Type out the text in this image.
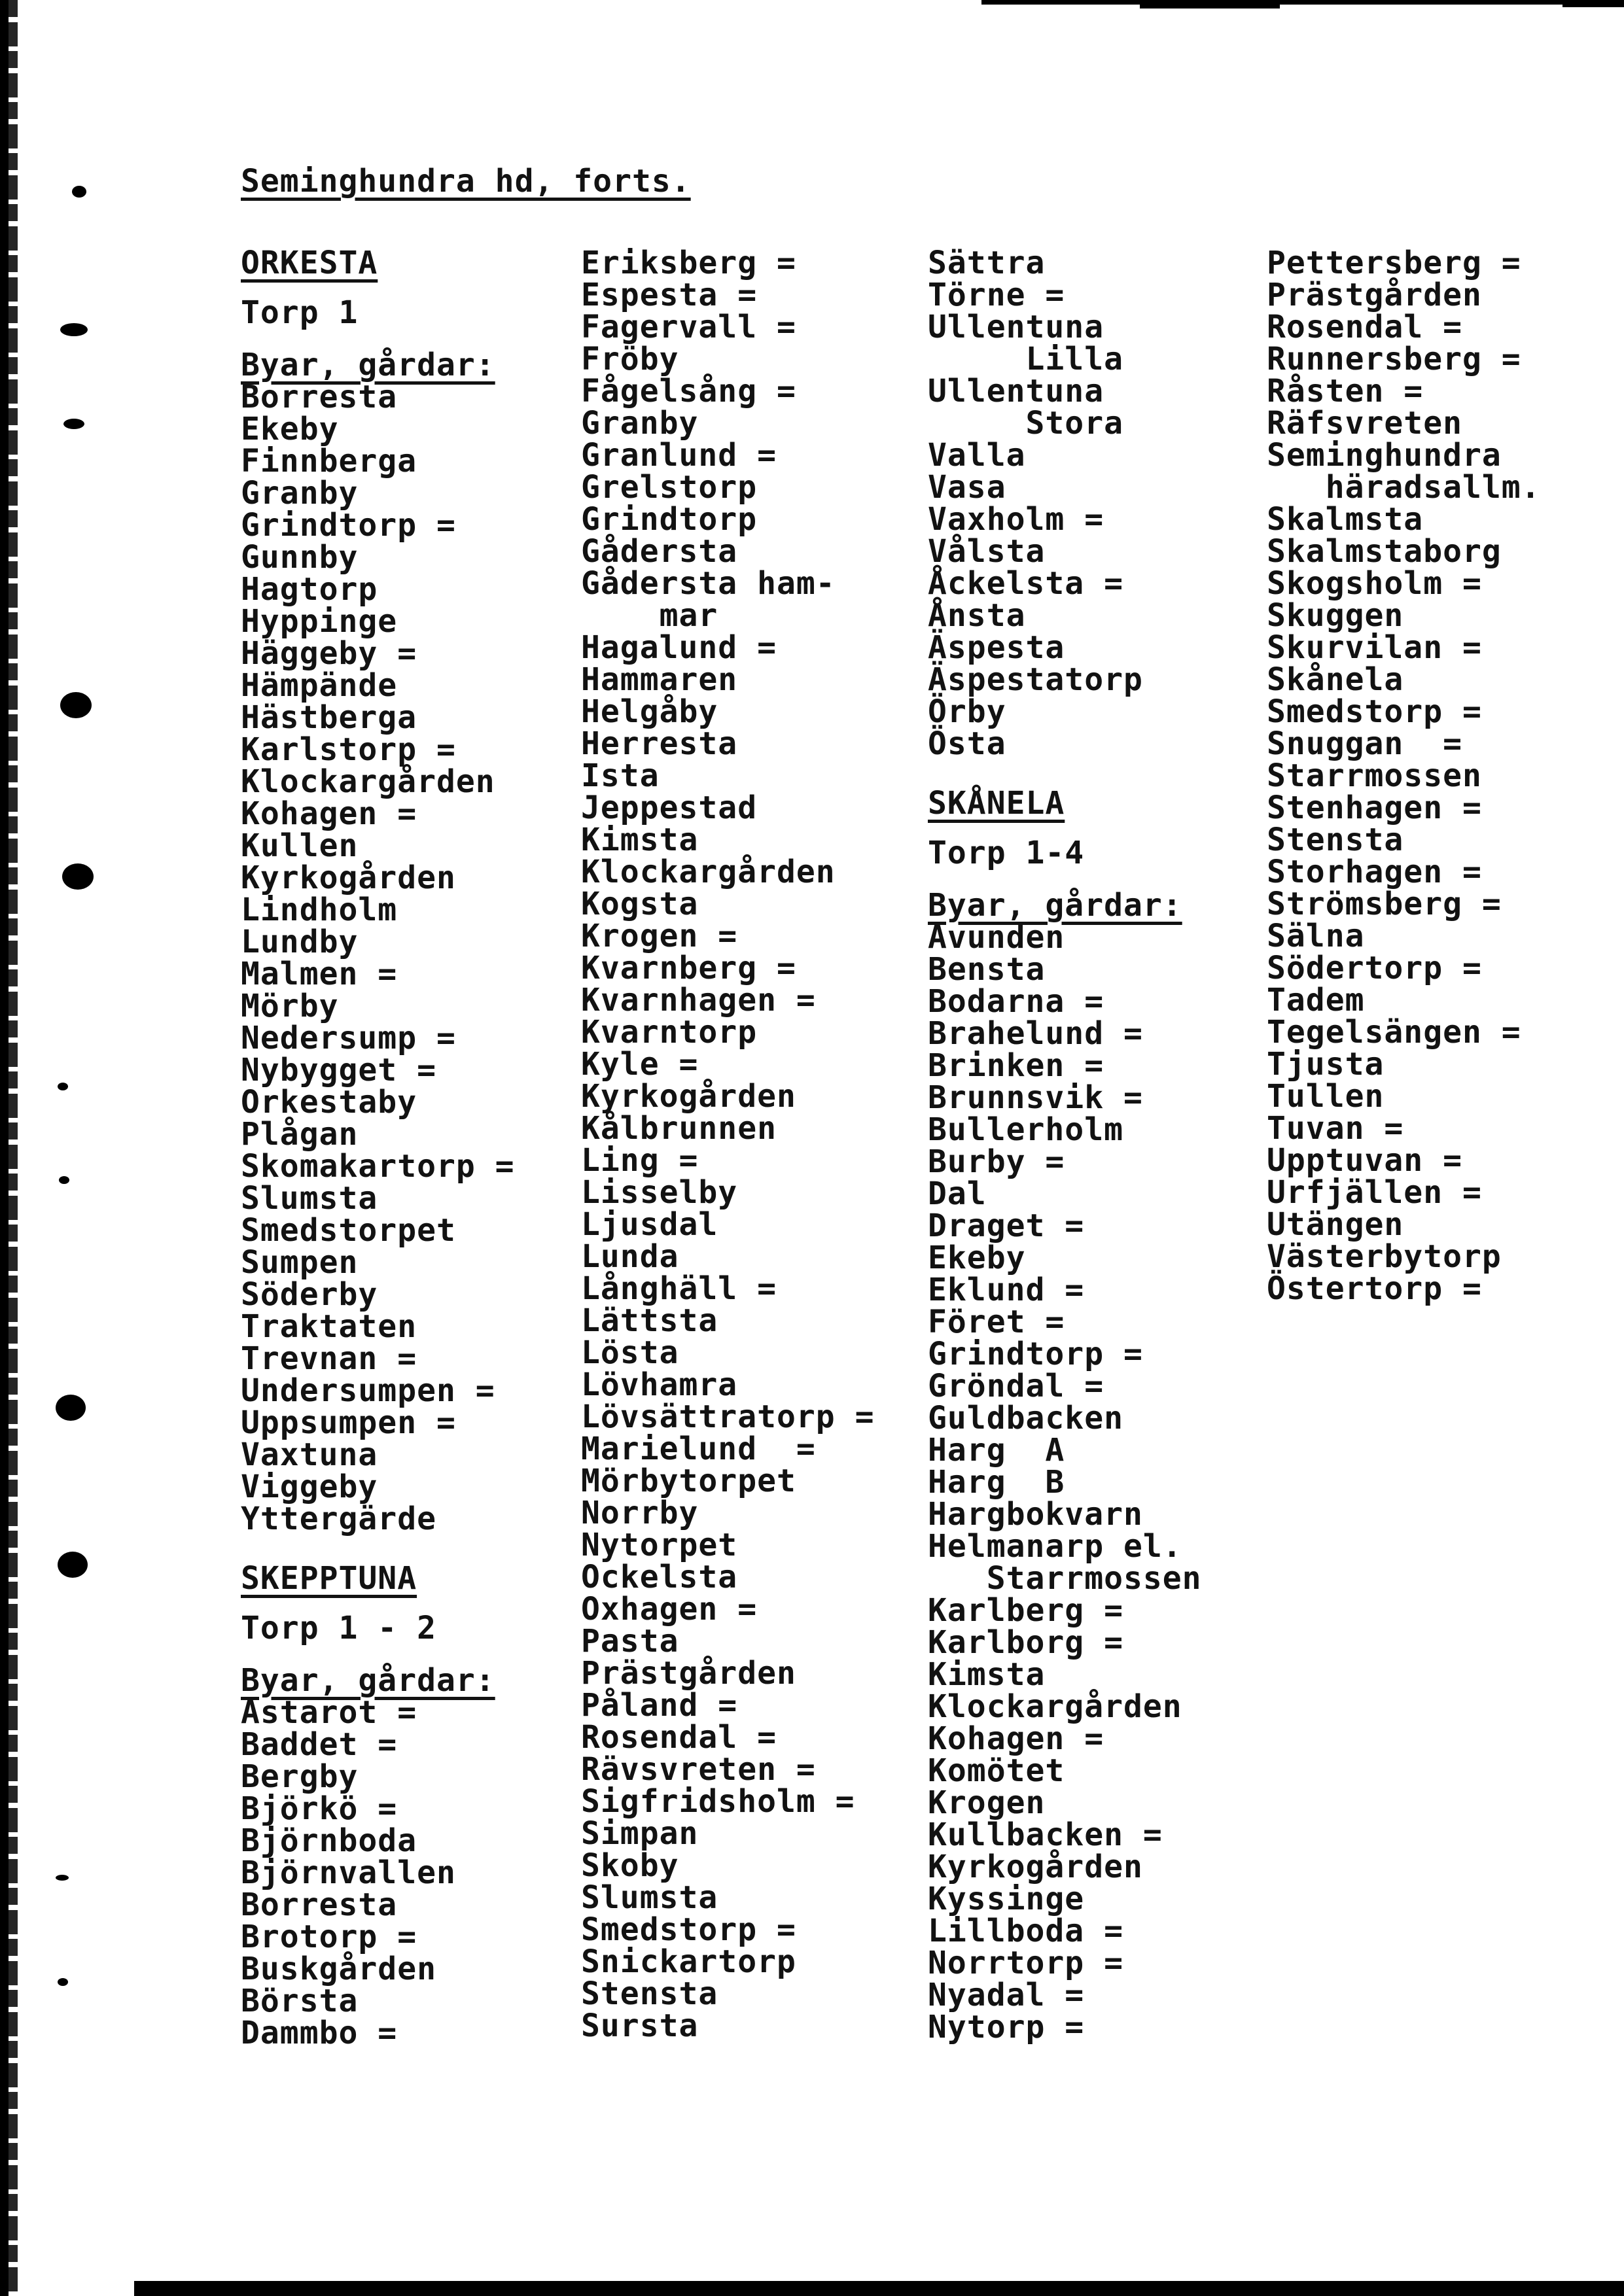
Seminghundra hd, forts.
ORKESTA
Torp 1
Byar, gårdar:
Borresta
Ekeby
Finnberga
Granby
Grindtorp =
Gunnby
Hagtorp
Hyppinge
Häggeby =
Hämpände
Hästberga
Karlstorp =
Klockargården
Kohagen =
Kullen
Kyrkogården
Lindholm
Lundby
Malmen =
Mörby
Nedersump =
Nybygget =
Orkestaby
Plågan
Skomakartorp =
Slumsta
Smedstorpet
Sumpen
Söderby
Traktaten
Trevnan =
Undersumpen =
Uppsumpen =
Vaxtuna
Viggeby
Yttergärde
SKEPPTUNA
Torp 1 - 2
Byar, gårdar:
Astarot =
Baddet =
Bergby
Björkö =
Björnboda
Björnvallen
Borresta
Brotorp =
Buskgården
Börsta
Dammbo =
Eriksberg =
Espesta =
Fagervall =
Fröby
Fågelsång =
Granby
Granlund =
Grelstorp
Grindtorp
Gådersta
Gådersta ham-
mar
Hagalund =
Hammaren
Helgåby
Herresta
Ista
Jeppestad
Kimsta
Klockargården
Kogsta
Krogen =
Kvarnberg =
Kvarnhagen =
Kvarntorp
Kyle =
Kyrkogården
Kålbrunnen
Ling =
Lisselby
Ljusdal
Lunda
Långhäll =
Lättsta
Lösta
Lövhamra
Lövsättratorp =
Marielund  =
Mörbytorpet
Norrby
Nytorpet
Ockelsta
Oxhagen =
Pasta
Prästgården
Påland =
Rosendal =
Rävsvreten =
Sigfridsholm =
Simpan
Skoby
Slumsta
Smedstorp =
Snickartorp
Stensta
Sursta
Sättra
Törne =
Ullentuna
Lilla
Ullentuna
Stora
Valla
Vasa
Vaxholm =
Vålsta
Åckelsta =
Ånsta
Äspesta
Äspestatorp
Örby
Östa
SKÅNELA
Torp 1-4
Byar, gårdar:
Avunden
Bensta
Bodarna =
Brahelund =
Brinken =
Brunnsvik =
Bullerholm
Burby =
Dal
Draget =
Ekeby
Eklund =
Föret =
Grindtorp =
Gröndal =
Guldbacken
Harg  A
Harg  B
Hargbokvarn
Helmanarp el.
Starrmossen
Karlberg =
Karlborg =
Kimsta
Klockargården
Kohagen =
Komötet
Krogen
Kullbacken =
Kyrkogården
Kyssinge
Lillboda =
Norrtorp =
Nyadal =
Nytorp =
Pettersberg =
Prästgården
Rosendal =
Runnersberg =
Råsten =
Räfsvreten
Seminghundra
häradsallm.
Skalmsta
Skalmstaborg
Skogsholm =
Skuggen
Skurvilan =
Skånela
Smedstorp =
Snuggan  =
Starrmossen
Stenhagen =
Stensta
Storhagen =
Strömsberg =
Sälna
Södertorp =
Tadem
Tegelsängen =
Tjusta
Tullen
Tuvan =
Upptuvan =
Urfjällen =
Utängen
Västerbytorp
Östertorp =
